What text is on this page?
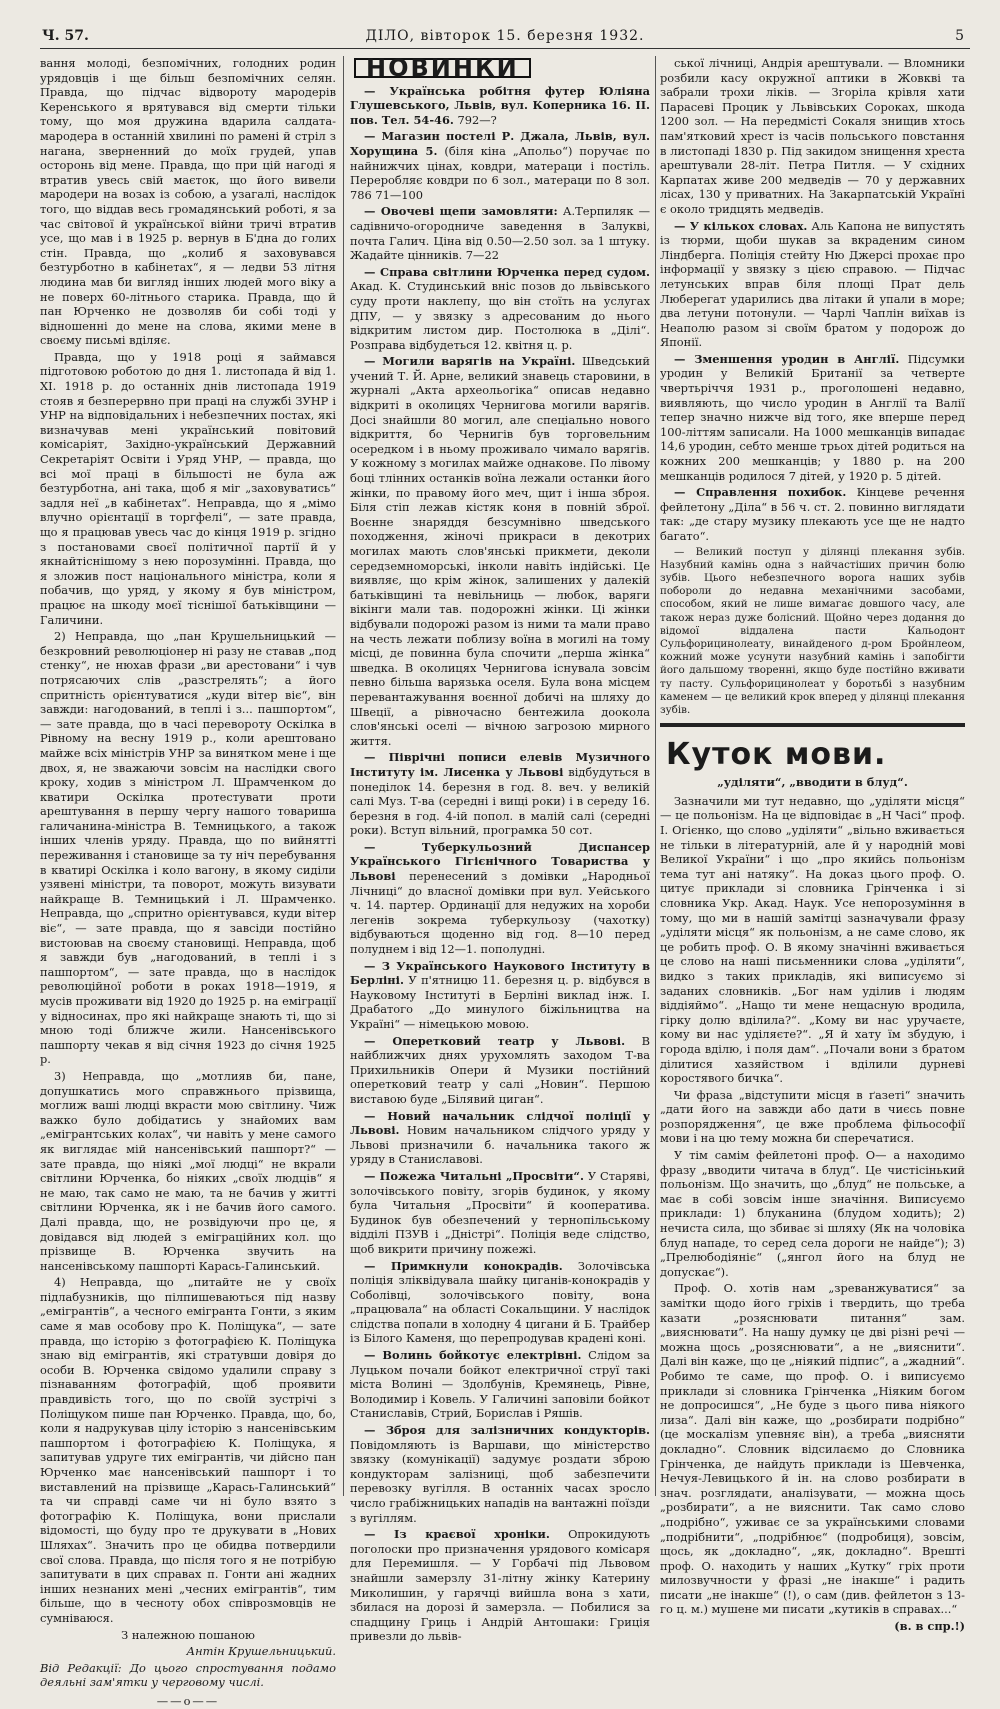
Ч. 57.	ДІЛО, вівторок 15. березня 1932.	5

вання молоді, безпомічних, голодних родин урядовців і ще більш безпомічних селян. Правда, що підчас відвороту мародерів Керенського я врятувався від смерти тільки тому, що моя дружина вдарила салдата-мародера в останній хвилині по рамені й стріл з нагана, зверненний до моїх грудей, упав осторонь від мене. Правда, що при цій нагоді я втратив увесь свій маєток, що його вивели мародери на возах із собою, а узагалі, наслідок того, що віддав весь громадянський роботі, я за час світової й української війни тричі втратив усе, що мав і в 1925 р. вернув в Б'дна до голих стін. Правда, що „колиб я заховувався безтурботно в кабінетах“, я — ледви 53 літня людина мав би вигляд інших людей мого віку а не поверх 60-літнього старика. Правда, що й пан Юрченко не дозволяв би собі тоді у відношенні до мене на слова, якими мене в своєму письмі вділяє.

Правда, що у 1918 році я займався підготовою роботою до дня 1. листопада й від 1. ХІ. 1918 р. до останніх днів листопада 1919 стояв я безперервно при праці на службі ЗУНР і УНР на відповідальних і небезпечних постах, які визначував мені український повітовий комісаріят, Західно-український Державний Секретаріят Освіти і Уряд УНР, — правда, що всі мої праці в більшості не була аж безтурботна, ані така, щоб я міг „заховуватись“ задля неї „в кабінетах“. Неправда, що я „мімо влучно орієнтації в торгфелі“, — зате правда, що я працював увесь час до кінця 1919 р. згідно з постановами своєї політичної партії й у якнайтіснішому з нею порозумінні. Правда, що я зложив пост національного міністра, коли я побачив, що уряд, у якому я був міністром, працює на шкоду моєї тіснішої батьківщини — Галичини.

2) Неправда, що „пан Крушельницький — безкровний революціонер ні разу не ставав „под стенку“, не нюхав фрази „ви арестовани“ і чув потрясаючих слів „разстрелять“; а його спритність орієнтуватися „куди вітер віє“, він завжди: нагодований, в теплі і з... пашпортом“, — зате правда, що в часі перевороту Оскілка в Рівному на весну 1919 р., коли арештовано майже всіх міністрів УНР за винятком мене і ще двох, я, не зважаючи зовсім на наслідки свого кроку, ходив з міністром Л. Шрамченком до кватири Оскілка протестувати проти арештування в першу чергу нашого товариша галичанина-міністра В. Темницького, а також інших членів уряду. Правда, що по вийнятті переживання і становище за ту ніч перебування в кватирі Оскілка і коло вагону, в якому сиділи узявені міністри, та поворот, можуть визувати найкраще В. Темницький і Л. Шрамченко. Неправда, що „спритно орієнтувався, куди вітер віє“, — зате правда, що я завсіди постійно вистоював на своєму становищі. Неправда, щоб я завжди був „нагодований, в теплі і з пашпортом“, — зате правда, що в наслідок революційної роботи в роках 1918—1919, я мусів проживати від 1920 до 1925 р. на еміграції у відносинах, про які найкраще знають ті, що зі мною тоді ближче жили. Нансенівського пашпорту чекав я від січня 1923 до січня 1925 р.

3) Неправда, що „мотлияв би, пане, допушкатись мого справжнього прізвища, моглиж ваші людці вкрасти мою світлину. Чиж важко було добідатись у знайомих вам „емігрантських колах“, чи навіть у мене самого як виглядає мій нансенівський пашпорт?“ — зате правда, що ніякі „мої людці“ не вкрали світлини Юрченка, бо ніяких „своїх людців“ я не маю, так само не маю, та не бачив у житті світлини Юрченка, як і не бачив його самого. Далі правда, що, не розвідуючи про це, я довідався від людей з еміграційних кол. що прізвище В. Юрченка звучить на нансенівському пашпорті Карась-Галинський.

4) Неправда, що „питайте не у своїх підлабузників, що пілпишеваються під назву „емігрантів“, а чесного емігранта Гонти, з яким саме я мав особову про К. Поліщука“, — зате правда, що історію з фотографією К. Поліщука знаю від емігрантів, які стратувши довіря до особи В. Юрченка свідомо удалили справу з пізнаванням фотографій, щоб проявити правдивість того, що по своїй зустрічі з Поліщуком пише пан Юрченко. Правда, що, бо, коли я надрукував цілу історію з нансенівським пашпортом і фотографією К. Поліщука, я запитував удруге тих емігрантів, чи дійсно пан Юрченко має нансенівський пашпорт і то виставлений на прізвище „Карась-Галинський“ та чи справді саме чи ні було взято з фотографію К. Поліщука, вони прислали відомості, що буду про те друкувати в „Нових Шляхах“. Значить про це обидва потвердили свої слова. Правда, що після того я не потрібую запитувати в цих справах п. Гонти ані жадних інших незнаних мені „чесних емігрантів“, тим більше, що в чесноту обох співрозмовців не сумніваюся.

З належною пошаною

Антін Крушельницький.

Від Редакції: До цього спростування подамо деяльні зам'ятки у черговому числі.

——о——
НОВИНКИ

— Українська робітня футер Юліяна Глушевського, Львів, вул. Коперника 16. ІІ. пов. Тел. 54-46. 792—?

— Магазин постелі Р. Джала, Львів, вул. Хорущина 5. (біля кіна „Апольо“) поручає по найнижчих цінах, ковдри, матераци і постіль. Переробляє ковдри по 6 зол., матераци по 8 зол. 786 71—100

— Овочеві щепи замовляти: А.Терпиляк — садівничо-огородниче заведення в Залукві, почта Галич. Ціна від 0.50—2.50 зол. за 1 штуку. Жадайте цінників. 7—22

— Справа світлини Юрченка перед судом. Акад. К. Студинський вніс позов до львівського суду проти наклепу, що він стоїть на услугах ДПУ, — у звязку з адресованим до нього відкритим листом дир. Постолюка в „Ділі“. Розправа відбудеться 12. квітня ц. р.

— Могили варягів на Україні. Шведський учений Т. Й. Арне, великий знавець старовини, в журналі „Акта археольогіка“ описав недавно відкриті в околицях Чернигова могили варягів. Досі знайшли 80 могил, але спеціально нового відкриття, бо Чернигів був торговельним осередком і в ньому проживало чимало варягів. У кожному з могилах майже однакове. По лівому боці тлінних останків воїна лежали останки його жінки, по правому його меч, щит і інша зброя. Біля стіп лежав кістяк коня в повній зброї. Воєнне знаряддя безсумнівно шведського походження, жіночі прикраси в декотрих могилах мають слов'янські прикмети, деколи середземноморські, інколи навіть індійські. Це виявляє, що крім жінок, залишених у далекій батьківщині та невільниць — любок, варяги вікінги мали тав. подорожні жінки. Ці жінки відбували подорожі разом із ними та мали право на честь лежати поблизу воїна в могилі на тому місці, де повинна була спочити „перша жінка“ шведка. В околицях Чернигова існувала зовсім певно більша варязька оселя. Була вона місцем перевантажування воєнної добичі на шляху до Швеції, а рівночасно бентежила доокола слов'янські оселі — вічною загрозою мирного життя.

— Піврічні пописи елевів Музичного Інституту ім. Лисенка у Львові відбудуться в понеділок 14. березня в год. 8. веч. у великій салі Муз. Т-ва (середні і вищі роки) і в середу 16. березня в год. 4-ій попол. в малій салі (середні роки). Вступ вільний, програмка 50 сот.

— Туберкульозний Диспансер Українського Гігієнічного Товариства у Львові перенесений з домівки „Народньої Лічниці“ до власної домівки при вул. Уейського ч. 14. партер. Ординації для недужих на хороби легенів зокрема туберкульозу (чахотку) відбуваються щоденно від год. 8—10 перед полуднем і від 12—1. пополудні.

— З Українського Наукового Інституту в Берліні. У п'ятницю 11. березня ц. р. відбувся в Науковому Інституті в Берліні виклад інж. І. Драбатого „До минулого біжільництва на Україні“ — німецькою мовою.

— Оперетковий театр у Львові. В найближчих днях урухомлять заходом Т-ва Прихильників Опери й Музики постійний оперетковий театр у салі „Новин“. Першою виставою буде „Білявий циган“.

— Новий начальник слідчої поліції у Львові. Новим начальником слідчого уряду у Львові призначили б. начальника такого ж уряду в Станиславові.

— Пожежа Читальні „Просвіти“. У Старяві, золочівського повіту, згорів будинок, у якому була Читальня „Просвіти“ й кооператива. Будинок був обезпечений у тернопільському відділі ПЗУВ і „Дністрі“. Поліція веде слідство, щоб викрити причину пожежі.

— Примкнули конокрадів. Золочівська поліція зліквідувала шайку циганів-конокрадів у Соболівці, золочівського повіту, вона „працювала“ на області Сокальщини. У наслідок слідства попали в холодну 4 цигани й Б. Трайбер із Білого Каменя, що перепродував крадені коні.

— Волинь бойкотує електрівні. Слідом за Луцьком почали бойкот електричної струї такі міста Волині — Здолбунів, Кремянець, Рівне, Володимир і Ковель. У Галичині заповіли бойкот Станиславів, Стрий, Борислав і Ряшів.

— Зброя для залізничних кондукторів. Повідомляють із Варшави, що міністерство звязку (комунікації) задумує роздати зброю кондукторам залізниці, щоб забезпечити перевозку вугілля. В останніх часах зросло число грабіжницьких нападів на вантажні поїзди з вугіллям.

— Із краєвої хроніки. Опрокидують поголоски про призначення урядового комісаря для Перемишля. — У Горбачі під Львовом знайшли замерзлу 31-літну жінку Катерину Миколишин, у гарячці вийшла вона з хати, збилася на дорозі й замерзла. — Побилися за спадщину Гриць і Андрій Антошаки: Гриція привезли до львів-

ської лічниці, Андрія арештували. — Вломники розбили касу окружної аптики в Жовкві та забрали трохи ліків. — Згоріла крівля хати Парасеві Процик у Львівських Сороках, шкода 1200 зол. — На передмісті Сокаля знищив хтось пам'ятковий хрест із часів польського повстання в листопаді 1830 р. Під закидом знищення хреста арештували 28-літ. Петра Питля. — У східних Карпатах живе 200 медведів — 70 у державних лісах, 130 у приватних. На Закарпатській Україні є около тридцять медведів.

— У кількох словах. Аль Капона не випустять із тюрми, щоби шукав за вкраденим сином Ліндберга. Поліція стейту Ню Джерсі прохає про інформації у звязку з цією справою. — Підчас летунських вправ біля площі Прат дель Люберегат ударились два літаки й упали в море; два летуни потонули. — Чарлі Чаплін виїхав із Неаполю разом зі своїм братом у подорож до Японії.

— Зменшення уродин в Англії. Підсумки уродин у Великій Британії за четверте чвертьріччя 1931 р., проголошені недавно, виявляють, що число уродин в Англії та Валії тепер значно нижче від того, яке вперше перед 100-літтям записали. На 1000 мешканців випадає 14,6 уродин, себто менше трьох дітей родиться на кожних 200 мешканців; у 1880 р. на 200 мешканців родилося 7 дітей, у 1920 р. 5 дітей.

— Справлення похибок. Кінцеве речення фейлетону „Діла“ в 56 ч. ст. 2. повинно виглядати так: „де стару музику плекають усе ще не надто багато“.

— Великий поступ у ділянці плекання зубів. Назубний камінь одна з найчастіших причин болю зубів. Цього небезпечного ворога наших зубів побороли до недавна механічними засобами, способом, який не лише вимагає довшого часу, але також нераз дуже болісний. Щойно через додання до відомої віддалена пасти Кальодонт Сульфорицинолеату, винайденого д-ром Бройнлеом, кожний може усунути назубний камінь і запобігти його дальшому творенні, якщо буде постійно вживати ту пасту. Сульфорицинолеат у боротьбі з назубним каменем — це великий крок вперед у ділянці плекання зубів.

Куток мови.
„уділяти“, „вводити в блуд“.

Зазначили ми тут недавно, що „уділяти місця“ — це польонізм. На це відповідає в „Н Часі“ проф. І. Огієнко, що слово „уділяти“ „вільно вживається не тільки в літературній, але й у народній мові Великої України“ і що „про якийсь польонізм тема тут ані натяку“. На доказ цього проф. О. цитує приклади зі словника Грінченка і зі словника Укр. Акад. Наук. Усе непорозуміння в тому, що ми в нашій замітці зазначували фразу „уділяти місця“ як польонізм, а не саме слово, як це робить проф. О. В якому значінні вживається це слово на наші письменники слова „уділяти“, видко з таких прикладів, які виписуємо зі заданих словників. „Бог нам уділив і людям віддіяймо“. „Нащо ти мене нещасную вродила, гірку долю вділила?“. „Кому ви нас уручаєте, кому ви нас уділяєте?“. „Я й хату їм збудую, і города вділю, і поля дам“. „Почали вони з братом ділитися хазяйством і вділили дурневі коростявого бичка“.

Чи фраза „відступити місця в ґазеті“ значить „дати його на завжди або дати в чиєсь повне розпорядження“, це вже проблема фільософії мови і на цю тему можна би сперечатися.

У тім самім фейлетоні проф. О— а находимо фразу „вводити читача в блуд“. Це чистісінький польонізм. Що значить, що „блуд“ не польське, а має в собі зовсім інше значіння. Виписуємо приклади: 1) блуканина (блудом ходить); 2) нечиста сила, що збиває зі шляху (Як на чоловіка блуд нападе, то серед села дороги не найде“); 3) „Прелюбодіяніє“ („янгол його на блуд не допускає“).

Проф. О. хотів нам „зреванжуватися“ за замітки щодо його гріхів і твердить, що треба казати „розяснювати питання“ зам. „вияснювати“. На нашу думку це дві різні речі — можна щось „розяснювати“, а не „вияснити“. Далі він каже, що це „ніякий підпис“, а „жадний“. Робимо те саме, що проф. О. і виписуємо приклади зі словника Грінченка „Ніяким богом не допросишся“, „Не буде з цього пива ніякого лиза“. Далі він каже, що „розбирати подрібно“ (це москалізм упевняє він), а треба „виясняти докладно“. Словник відсилаємо до Словника Грінченка, де найдуть приклади із Шевченка, Нечуя-Левицького й ін. на слово розбирати в знач. розглядати, аналізувати, — можна щось „розбирати“, а не вияснити. Так само слово „подрібно“, уживає се за українськими словами „подрібнити“, „подрібнює“ (подробиця), зовсім, щось, як „докладно“, „як, докладно“. Врешті проф. О. находить у наших „Кутку“ гріх проти милозвучности у фразі „не інакше“ і радить писати „не інакше“ (!), о сам (див. фейлетон з 13-го ц. м.) мушене ми писати „кутиків в справах...“

(в. в спр.!)
